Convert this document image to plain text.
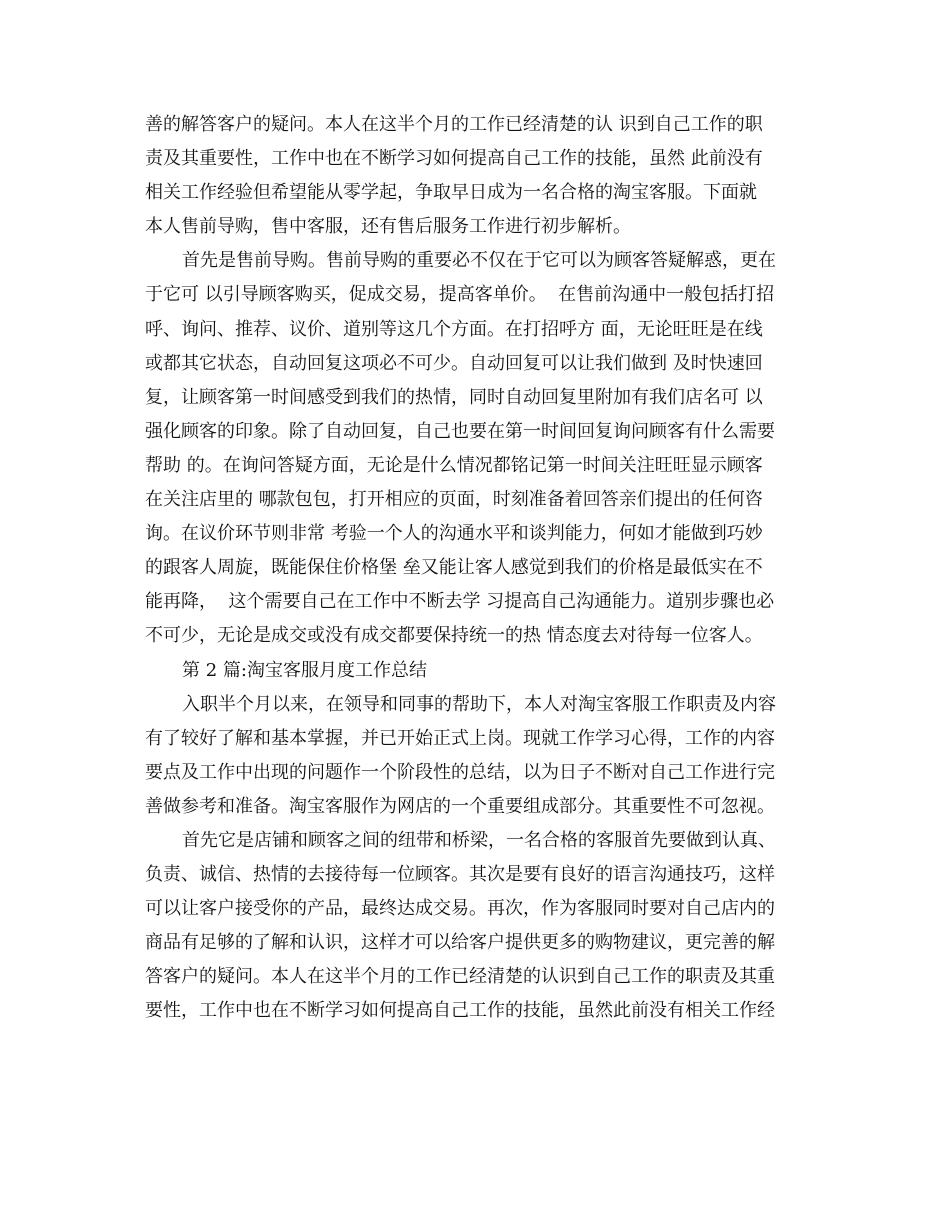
善的解答客户的疑问。本人在这半个月的工作已经清楚的认 识到自己工作的职
责及其重要性，工作中也在不断学习如何提高自己工作的技能，虽然 此前没有
相关工作经验但希望能从零学起，争取早日成为一名合格的淘宝客服。下面就
本人售前导购，售中客服，还有售后服务工作进行初步解析。
首先是售前导购。售前导购的重要必不仅在于它可以为顾客答疑解惑，更在
于它可 以引导顾客购买，促成交易，提高客单价。  在售前沟通中一般包括打招
呼、询问、推荐、议价、道别等这几个方面。在打招呼方 面，无论旺旺是在线
或都其它状态，自动回复这项必不可少。自动回复可以让我们做到 及时快速回
复，让顾客第一时间感受到我们的热情，同时自动回复里附加有我们店名可 以
强化顾客的印象。除了自动回复，自己也要在第一时间回复询问顾客有什么需要
帮助 的。在询问答疑方面，无论是什么情况都铭记第一时间关注旺旺显示顾客
在关注店里的 哪款包包，打开相应的页面，时刻准备着回答亲们提出的任何咨
询。在议价环节则非常 考验一个人的沟通水平和谈判能力，何如才能做到巧妙
的跟客人周旋，既能保住价格堡 垒又能让客人感觉到我们的价格是最低实在不
能再降，  这个需要自己在工作中不断去学 习提高自己沟通能力。道别步骤也必
不可少，无论是成交或没有成交都要保持统一的热 情态度去对待每一位客人。
第 2 篇:淘宝客服月度工作总结
入职半个月以来，在领导和同事的帮助下，本人对淘宝客服工作职责及内容
有了较好了解和基本掌握，并已开始正式上岗。现就工作学习心得，工作的内容
要点及工作中出现的问题作一个阶段性的总结，以为日子不断对自己工作进行完
善做参考和准备。淘宝客服作为网店的一个重要组成部分。其重要性不可忽视。
首先它是店铺和顾客之间的纽带和桥梁，一名合格的客服首先要做到认真、
负责、诚信、热情的去接待每一位顾客。其次是要有良好的语言沟通技巧，这样
可以让客户接受你的产品，最终达成交易。再次，作为客服同时要对自己店内的
商品有足够的了解和认识，这样才可以给客户提供更多的购物建议，更完善的解
答客户的疑问。本人在这半个月的工作已经清楚的认识到自己工作的职责及其重
要性，工作中也在不断学习如何提高自己工作的技能，虽然此前没有相关工作经
